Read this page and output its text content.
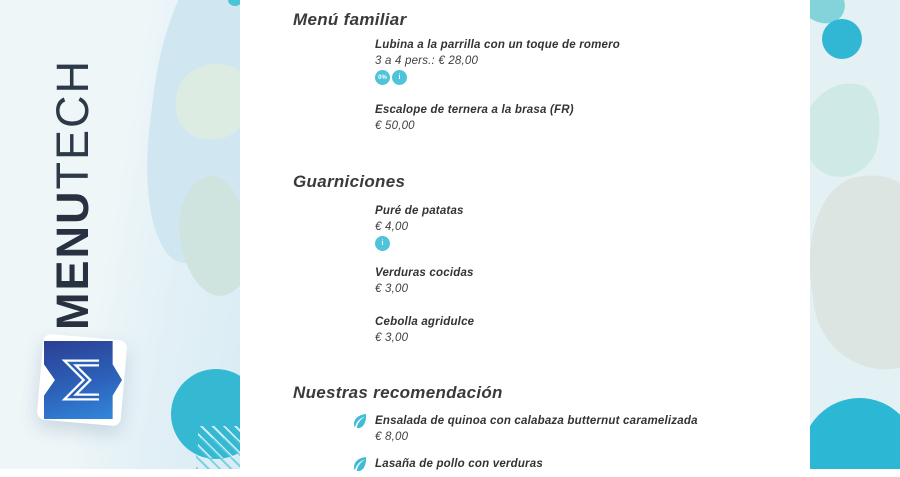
MENUTECH
Menú familiar
Lubina a la parrilla con un toque de romero
3 a 4 pers.: € 28,00
0%	i
Escalope de ternera a la brasa (FR)
€ 50,00
Guarniciones
Puré de patatas
€ 4,00
i
Verduras cocidas
€ 3,00
Cebolla agridulce
€ 3,00
Nuestras recomendación
Ensalada de quinoa con calabaza butternut caramelizada
€ 8,00
Lasaña de pollo con verduras
